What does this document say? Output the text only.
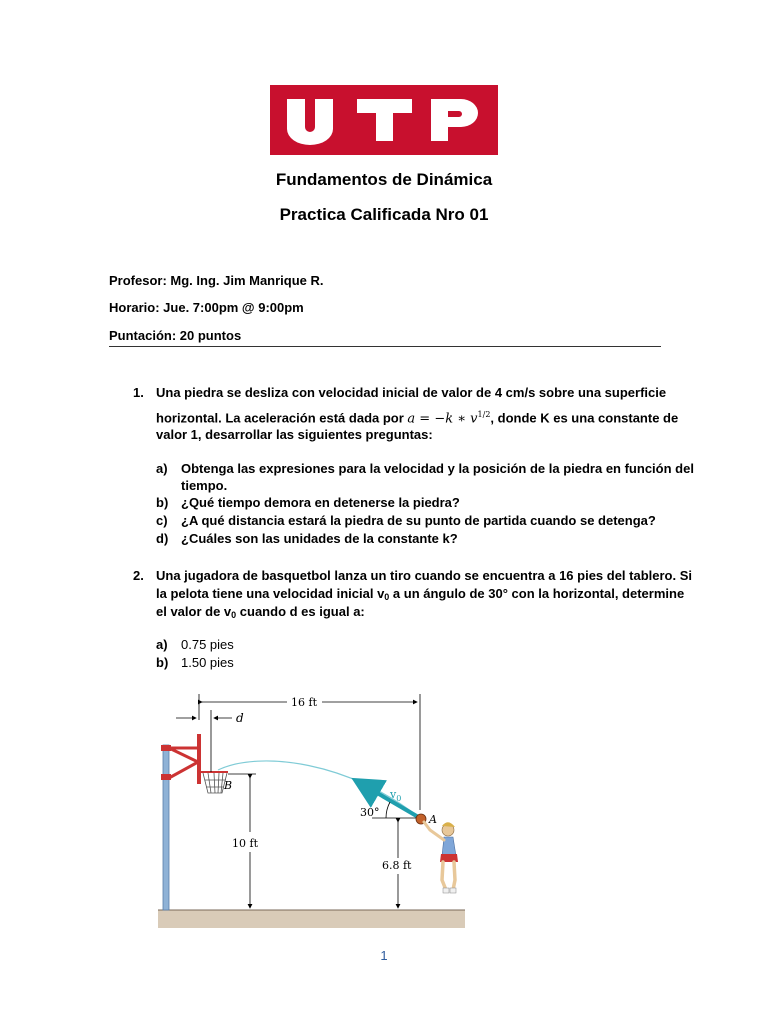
Fundamentos de Dinámica
Practica Calificada Nro 01
Profesor: Mg. Ing. Jim Manrique R.
Horario: Jue. 7:00pm @ 9:00pm
Puntación: 20 puntos
1. Una piedra se desliza con velocidad inicial de valor de 4 cm/s sobre una superficie
horizontal. La aceleración está dada por a = −k ∗ $v^{1/2}$, donde K es una constante de
valor 1, desarrollar las siguientes preguntas:
a) Obtenga las expresiones para la velocidad y la posición de la piedra en función del
tiempo.
b) ¿Qué tiempo demora en detenerse la piedra?
c) ¿A qué distancia estará la piedra de su punto de partida cuando se detenga?
d) ¿Cuáles son las unidades de la constante k?
2. Una jugadora de basquetbol lanza un tiro cuando se encuentra a 16 pies del tablero. Si
la pelota tiene una velocidad inicial $v_0$ a un ángulo de 30° con la horizontal, determine
el valor de $v_0$ cuando d es igual a:
a) 0.75 pies
b) 1.50 pies
16 ft
d
B
10 ft
6.8 ft
30°
$v_0$
A
1
